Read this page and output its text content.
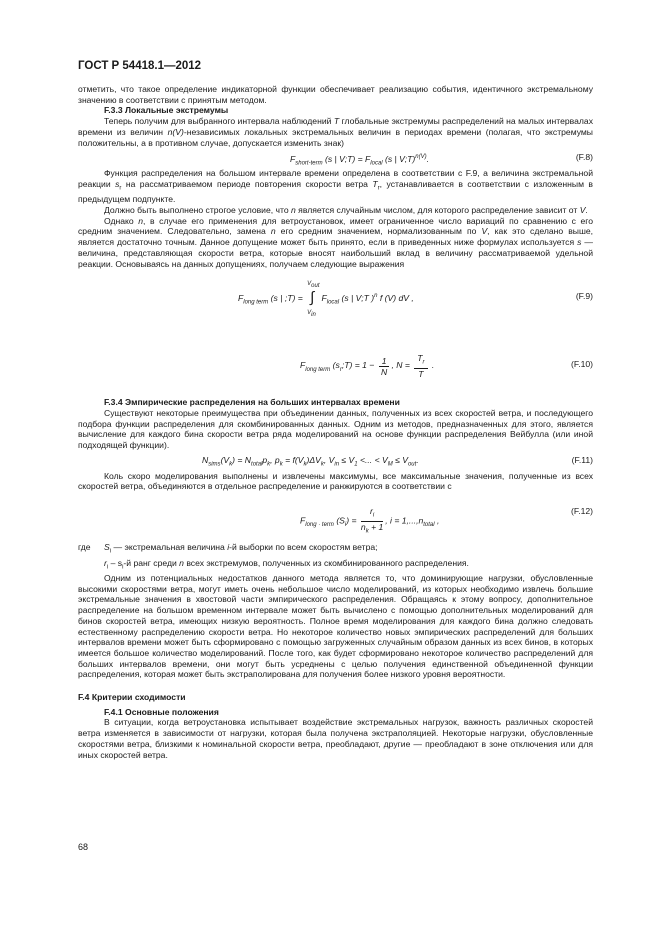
ГОСТ Р 54418.1—2012

отметить, что такое определение индикаторной функции обеспечивает реализацию события, идентичного экстремальному значению в соответствии с принятым методом.

F.3.3 Локальные экстремумы

Теперь получим для выбранного интервала наблюдений T глобальные экстремумы распределений на малых интервалах времени из величин n(V)-независимых локальных экстремальных величин в периодах времени (полагая, что экстремумы положительны, а в противном случае, допускается изменить знак)

$F_{short-term}$ (s | V;T) = $F_{local}$ (s | V;T)$^{n(V)}$.	(F.8)

Функция распределения на большом интервале времени определена в соответствии с F.9, а величина экстремальной реакции $s_r$ на рассматриваемом периоде повторения скорости ветра $T_r$, устанавливается в соответствии с изложенным в предыдущем подпункте.

Должно быть выполнено строгое условие, что n является случайным числом, для которого распределение зависит от V.

Однако n, в случае его применения для ветроустановок, имеет ограниченное число вариаций по сравнению с его средним значением. Следовательно, замена n его средним значением, нормализованным по V, как это сделано выше, является достаточно точным. Данное допущение может быть принято, если в приведенных ниже формулах используется s — величина, представляющая скорости ветра, которые вносят наибольший вклад в величину рассматриваемой удельной реакции. Основываясь на данных допущениях, получаем следующие выражения

$F_{long term}$ (s | ;T) =
$V_{out}$
∫
$V_{in}$
$F_{local}$ (s | V;T )$^n$ f (V) dV ,	(F.9)
$F_{long term}$ $(s_r;T) = 1 - \frac{1}{N}$ , $N = \frac{T_r}{T}$ .	(F.10)

F.3.4 Эмпирические распределения на больших интервалах времени

Существуют некоторые преимущества при объединении данных, полученных из всех скоростей ветра, и последующего подбора функции распределения для скомбинированных данных. Одним из методов, предназначенных для этого, является вычисление для каждого бина скорости ветра ряда моделирований на основе функции распределения Вейбулла (или иной подходящей функции).

$N_{sims}(V_k) = N_{total}p_k$, $p_k = f(V_k)\Delta V_k$, $V_{in} \le V_1$ <... < $V_M \le V_{out}$.	(F.11)

Коль скоро моделирования выполнены и извлечены максимумы, все максимальные значения, полученные из всех скоростей ветра, объединяются в отдельное распределение и ранжируются в соответствии с

$F_{long \cdot term}$ $(S_i) = \frac{r_i}{n_k + 1}$ , $i = 1,...,n_{total}$ ,
(F.12)

где $S_i$ — экстремальная величина i-й выборки по всем скоростям ветра;

$r_i - s_i-й$ ранг среди n всех экстремумов, полученных из скомбинированного распределения.

Одним из потенциальных недостатков данного метода является то, что доминирующие нагрузки, обусловленные высокими скоростями ветра, могут иметь очень небольшое число моделирований, из которых необходимо извлечь большие экстремальные значения в хвостовой части эмпирического распределения. Обращаясь к этому вопросу, дополнительное распределение на большом временном интервале может быть вычислено с помощью дополнительных моделирований для бинов скоростей ветра, имеющих низкую вероятность. Полное время моделирования для каждого бина должно следовать естественному распределению скорости ветра. Но некоторое количество новых эмпирических распределений для больших интервалов времени может быть сформировано с помощью загруженных случайным образом данных из всех бинов, в которых имеется большое количество моделирований. После того, как будет сформировано некоторое количество распределений для больших интервалов времени, они могут быть усреднены с целью получения единственной объединенной функции распределения, которая может быть экстраполирована для получения более низкого уровня вероятности.

F.4 Критерии сходимости

F.4.1 Основные положения

В ситуации, когда ветроустановка испытывает воздействие экстремальных нагрузок, важность различных скоростей ветра изменяется в зависимости от нагрузки, которая была получена экстраполяцией. Некоторые нагрузки, обусловленные скоростями ветра, близкими к номинальной скорости ветра, преобладают, другие — преобладают в зоне отключения или для иных скоростей ветра.

68
